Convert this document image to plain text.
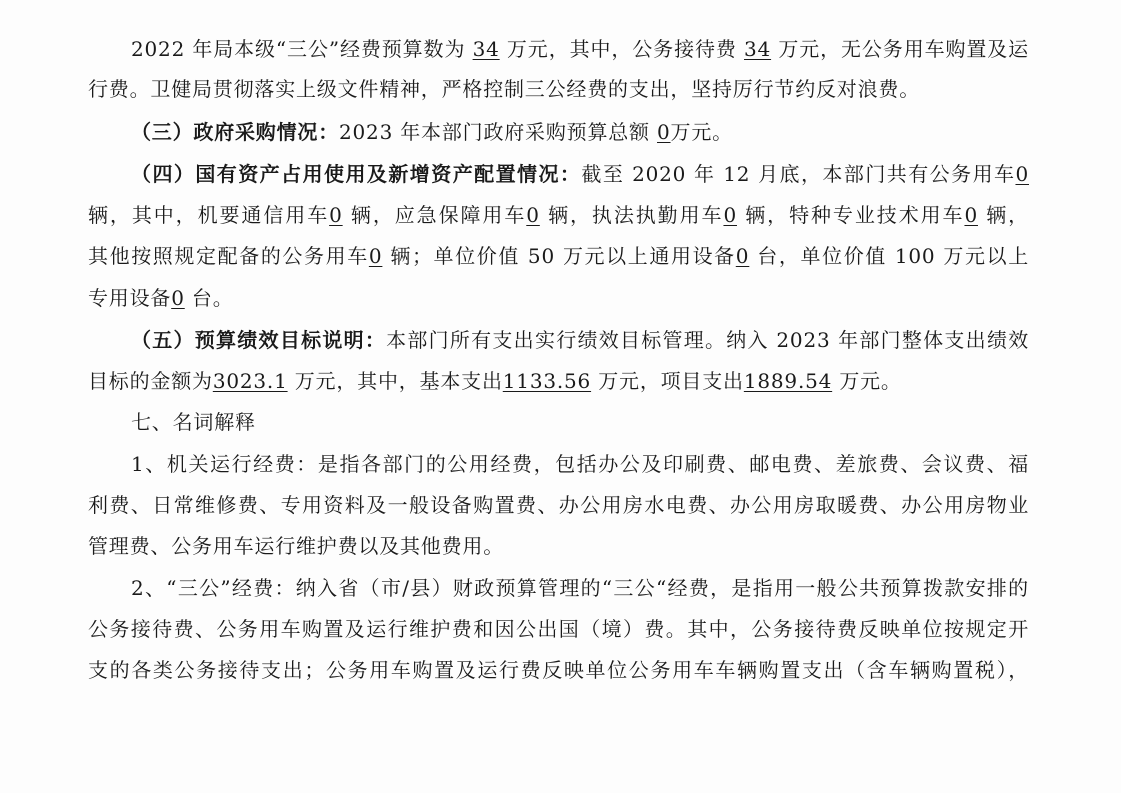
2022 年局本级“三公”经费预算数为 34 万元，其中，公务接待费 34 万元，无公务用车购置及运
行费。卫健局贯彻落实上级文件精神，严格控制三公经费的支出，坚持厉行节约反对浪费。
（三）政府采购情况：2023 年本部门政府采购预算总额 0万元。
（四）国有资产占用使用及新增资产配置情况：截至 2020 年 12 月底，本部门共有公务用车0
辆，其中，机要通信用车0 辆，应急保障用车0 辆，执法执勤用车0 辆，特种专业技术用车0 辆，
其他按照规定配备的公务用车0 辆；单位价值 50 万元以上通用设备0 台，单位价值 100 万元以上
专用设备0 台。
（五）预算绩效目标说明：本部门所有支出实行绩效目标管理。纳入 2023 年部门整体支出绩效
目标的金额为3023.1 万元，其中，基本支出1133.56 万元，项目支出1889.54 万元。
七、名词解释
1、机关运行经费：是指各部门的公用经费，包括办公及印刷费、邮电费、差旅费、会议费、福
利费、日常维修费、专用资料及一般设备购置费、办公用房水电费、办公用房取暖费、办公用房物业
管理费、公务用车运行维护费以及其他费用。
2、“三公”经费：纳入省（市/县）财政预算管理的“三公“经费，是指用一般公共预算拨款安排的
公务接待费、公务用车购置及运行维护费和因公出国（境）费。其中，公务接待费反映单位按规定开
支的各类公务接待支出；公务用车购置及运行费反映单位公务用车车辆购置支出（含车辆购置税），
